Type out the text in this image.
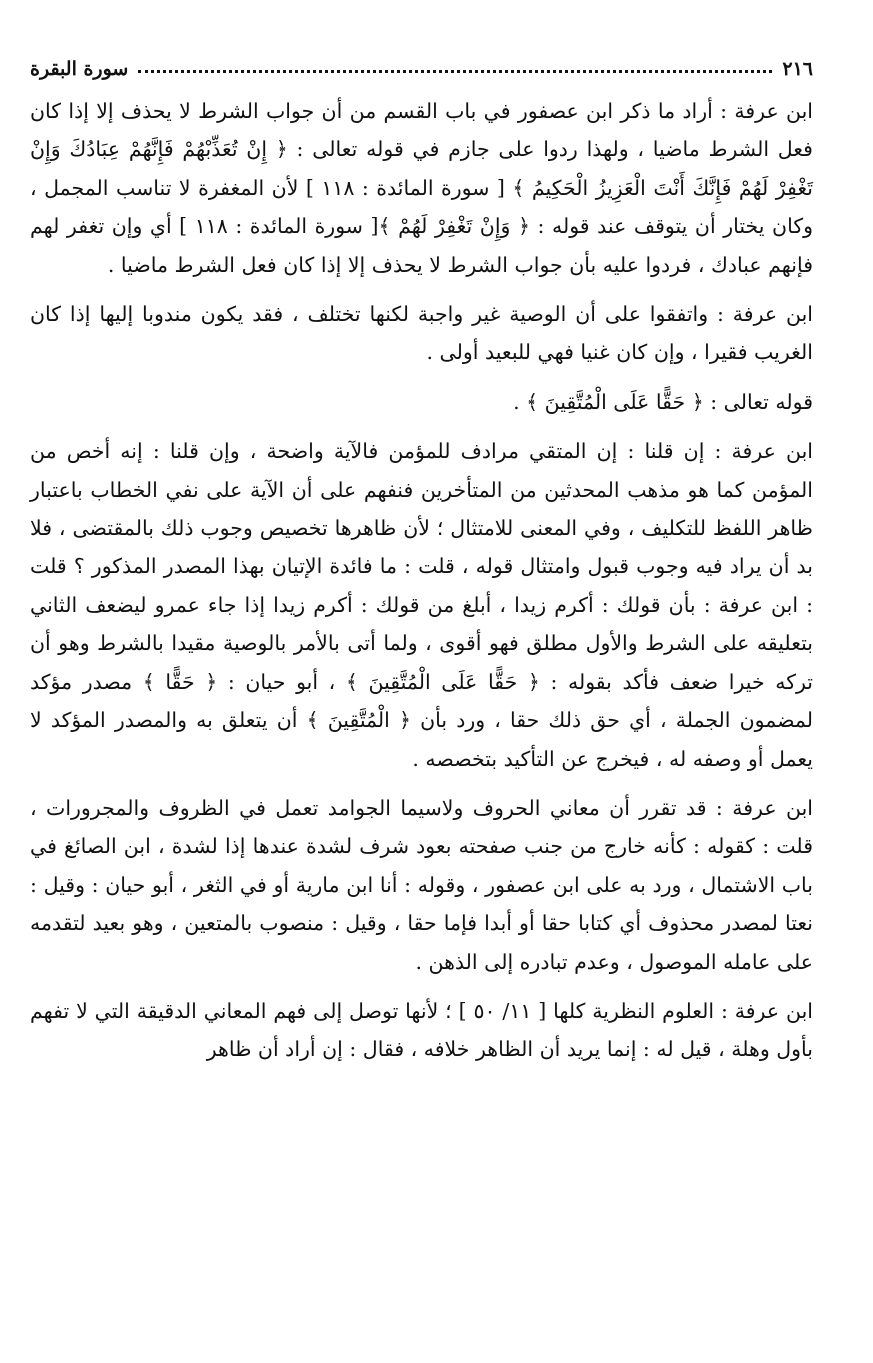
٢١٦
سورة البقرة

ابن عرفة : أراد ما ذكر ابن عصفور في باب القسم من أن جواب الشرط لا يحذف إلا إذا كان فعل الشرط ماضيا ، ولهذا ردوا على جازم في قوله تعالى : ﴿ إِنْ تُعَذِّبْهُمْ فَإِنَّهُمْ عِبَادُكَ وَإِنْ تَغْفِرْ لَهُمْ فَإِنَّكَ أَنْتَ الْعَزِيزُ الْحَكِيمُ ﴾ [ سورة المائدة : ١١٨ ] لأن المغفرة لا تناسب المجمل ، وكان يختار أن يتوقف عند قوله : ﴿ وَإِنْ تَغْفِرْ لَهُمْ ﴾[ سورة المائدة : ١١٨ ] أي وإن تغفر لهم فإنهم عبادك ، فردوا عليه بأن جواب الشرط لا يحذف إلا إذا كان فعل الشرط ماضيا .

ابن عرفة : واتفقوا على أن الوصية غير واجبة لكنها تختلف ، فقد يكون مندوبا إليها إذا كان الغريب فقيرا ، وإن كان غنيا فهي للبعيد أولى .

قوله تعالى : ﴿ حَقًّا عَلَى الْمُتَّقِينَ ﴾ .

ابن عرفة : إن قلنا : إن المتقي مرادف للمؤمن فالآية واضحة ، وإن قلنا : إنه أخص من المؤمن كما هو مذهب المحدثين من المتأخرين فنفهم على أن الآية على نفي الخطاب باعتبار ظاهر اللفظ للتكليف ، وفي المعنى للامتثال ؛ لأن ظاهرها تخصيص وجوب ذلك بالمقتضى ، فلا بد أن يراد فيه وجوب قبول وامتثال قوله ، قلت : ما فائدة الإتيان بهذا المصدر المذكور ؟ قلت : ابن عرفة : بأن قولك : أكرم زيدا ، أبلغ من قولك : أكرم زيدا إذا جاء عمرو ليضعف الثاني بتعليقه على الشرط والأول مطلق فهو أقوى ، ولما أتى بالأمر بالوصية مقيدا بالشرط وهو أن تركه خيرا ضعف فأكد بقوله : ﴿ حَقًّا عَلَى الْمُتَّقِينَ ﴾ ، أبو حيان : ﴿ حَقًّا ﴾ مصدر مؤكد لمضمون الجملة ، أي حق ذلك حقا ، ورد بأن ﴿ الْمُتَّقِينَ ﴾ أن يتعلق به والمصدر المؤكد لا يعمل أو وصفه له ، فيخرج عن التأكيد بتخصصه .

ابن عرفة : قد تقرر أن معاني الحروف ولاسيما الجوامد تعمل في الظروف والمجرورات ، قلت : كقوله : كأنه خارج من جنب صفحته بعود شرف لشدة عندها إذا لشدة ، ابن الصائغ في باب الاشتمال ، ورد به على ابن عصفور ، وقوله : أنا ابن مارية أو في الثغر ، أبو حيان : وقيل : نعتا لمصدر محذوف أي كتابا حقا أو أبدا فإما حقا ، وقيل : منصوب بالمتعين ، وهو بعيد لتقدمه على عامله الموصول ، وعدم تبادره إلى الذهن .

ابن عرفة : العلوم النظرية كلها [ ١١/ ٥٠ ] ؛ لأنها توصل إلى فهم المعاني الدقيقة التي لا تفهم بأول وهلة ، قيل له : إنما يريد أن الظاهر خلافه ، فقال : إن أراد أن ظاهر
